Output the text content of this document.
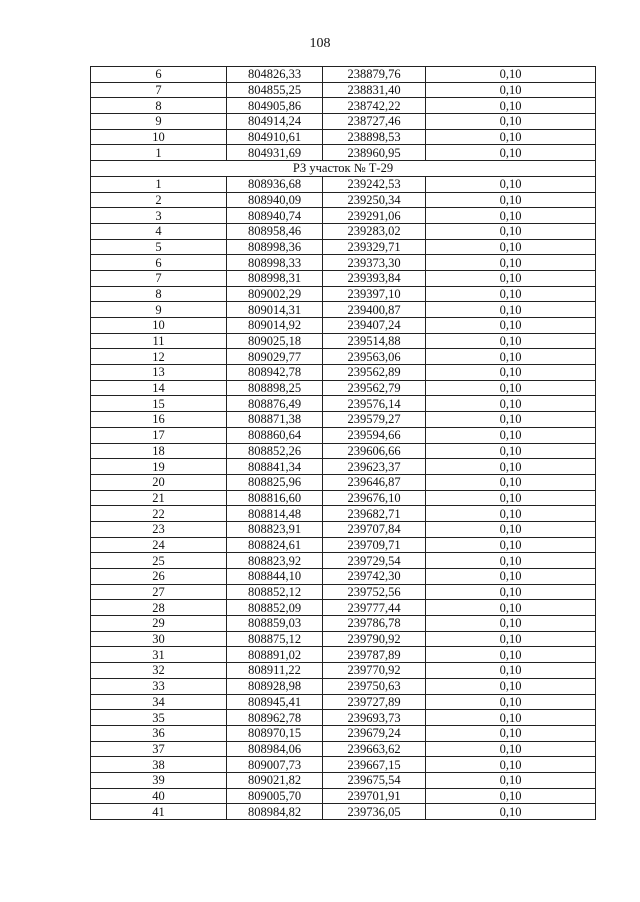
108
6	804826,33	238879,76	0,10
7	804855,25	238831,40	0,10
8	804905,86	238742,22	0,10
9	804914,24	238727,46	0,10
10	804910,61	238898,53	0,10
1	804931,69	238960,95	0,10
РЗ участок № Т-29			
1	808936,68	239242,53	0,10
2	808940,09	239250,34	0,10
3	808940,74	239291,06	0,10
4	808958,46	239283,02	0,10
5	808998,36	239329,71	0,10
6	808998,33	239373,30	0,10
7	808998,31	239393,84	0,10
8	809002,29	239397,10	0,10
9	809014,31	239400,87	0,10
10	809014,92	239407,24	0,10
11	809025,18	239514,88	0,10
12	809029,77	239563,06	0,10
13	808942,78	239562,89	0,10
14	808898,25	239562,79	0,10
15	808876,49	239576,14	0,10
16	808871,38	239579,27	0,10
17	808860,64	239594,66	0,10
18	808852,26	239606,66	0,10
19	808841,34	239623,37	0,10
20	808825,96	239646,87	0,10
21	808816,60	239676,10	0,10
22	808814,48	239682,71	0,10
23	808823,91	239707,84	0,10
24	808824,61	239709,71	0,10
25	808823,92	239729,54	0,10
26	808844,10	239742,30	0,10
27	808852,12	239752,56	0,10
28	808852,09	239777,44	0,10
29	808859,03	239786,78	0,10
30	808875,12	239790,92	0,10
31	808891,02	239787,89	0,10
32	808911,22	239770,92	0,10
33	808928,98	239750,63	0,10
34	808945,41	239727,89	0,10
35	808962,78	239693,73	0,10
36	808970,15	239679,24	0,10
37	808984,06	239663,62	0,10
38	809007,73	239667,15	0,10
39	809021,82	239675,54	0,10
40	809005,70	239701,91	0,10
41	808984,82	239736,05	0,10
